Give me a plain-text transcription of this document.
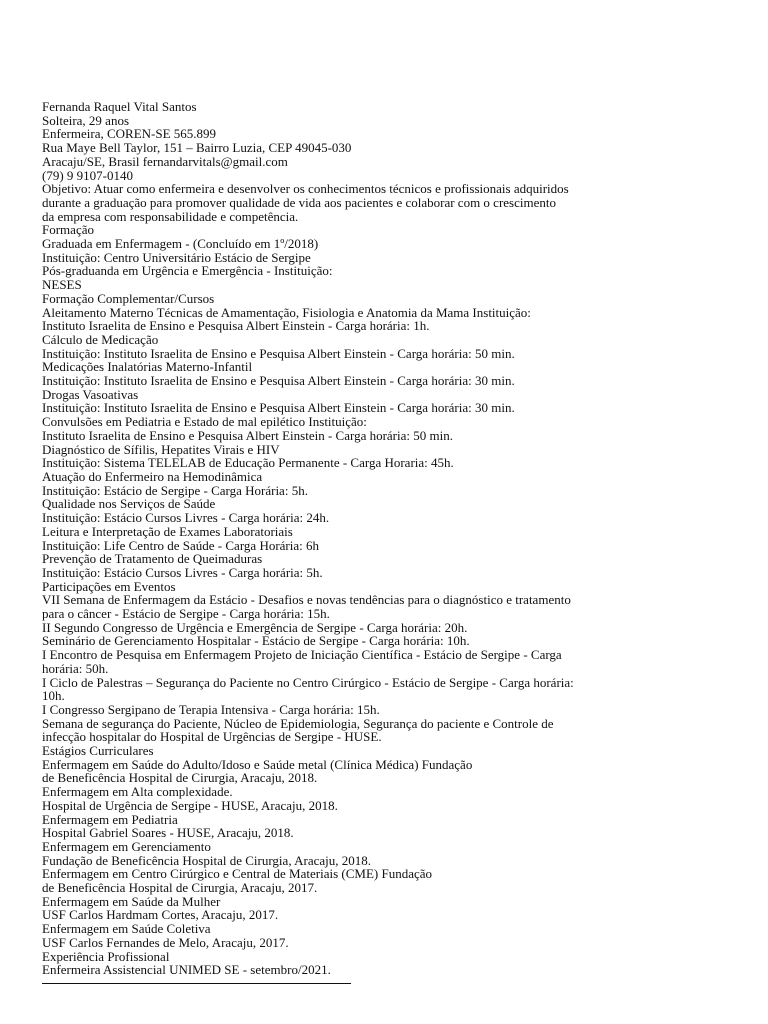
Fernanda Raquel Vital Santos
Solteira, 29 anos
Enfermeira, COREN-SE 565.899
Rua Maye Bell Taylor, 151 – Bairro Luzia, CEP 49045-030
Aracaju/SE, Brasil fernandarvitals@gmail.com
(79) 9 9107-0140
Objetivo: Atuar como enfermeira e desenvolver os conhecimentos técnicos e profissionais adquiridos
durante a graduação para promover qualidade de vida aos pacientes e colaborar com o crescimento
da empresa com responsabilidade e competência.
Formação
Graduada em Enfermagem - (Concluído em 1º/2018)
Instituição: Centro Universitário Estácio de Sergipe
Pós-graduanda em Urgência e Emergência - Instituição:
NESES
Formação Complementar/Cursos
Aleitamento Materno Técnicas de Amamentação, Fisiologia e Anatomia da Mama Instituição:
Instituto Israelita de Ensino e Pesquisa Albert Einstein - Carga horária: 1h.
Cálculo de Medicação
Instituição: Instituto Israelita de Ensino e Pesquisa Albert Einstein - Carga horária: 50 min.
Medicações Inalatórias Materno-Infantil
Instituição: Instituto Israelita de Ensino e Pesquisa Albert Einstein - Carga horária: 30 min.
Drogas Vasoativas
Instituição: Instituto Israelita de Ensino e Pesquisa Albert Einstein - Carga horária: 30 min.
Convulsões em Pediatria e Estado de mal epilético Instituição:
Instituto Israelita de Ensino e Pesquisa Albert Einstein - Carga horária: 50 min.
Diagnóstico de Sífilis, Hepatites Virais e HIV
Instituição: Sistema TELELAB de Educação Permanente - Carga Horaria: 45h.
Atuação do Enfermeiro na Hemodinâmica
Instituição: Estácio de Sergipe - Carga Horária: 5h.
Qualidade nos Serviços de Saúde
Instituição: Estácio Cursos Livres - Carga horária: 24h.
Leitura e Interpretação de Exames Laboratoriais
Instituição: Life Centro de Saúde - Carga Horária: 6h
Prevenção de Tratamento de Queimaduras
Instituição: Estácio Cursos Livres - Carga horária: 5h.
Participações em Eventos
VII Semana de Enfermagem da Estácio - Desafios e novas tendências para o diagnóstico e tratamento
para o câncer - Estácio de Sergipe - Carga horária: 15h.
II Segundo Congresso de Urgência e Emergência de Sergipe - Carga horária: 20h.
Seminário de Gerenciamento Hospitalar - Estácio de Sergipe - Carga horária: 10h.
I Encontro de Pesquisa em Enfermagem Projeto de Iniciação Científica - Estácio de Sergipe - Carga
horária: 50h.
I Ciclo de Palestras – Segurança do Paciente no Centro Cirúrgico - Estácio de Sergipe - Carga horária:
10h.
I Congresso Sergipano de Terapia Intensiva - Carga horária: 15h.
Semana de segurança do Paciente, Núcleo de Epidemiologia, Segurança do paciente e Controle de
infecção hospitalar do Hospital de Urgências de Sergipe - HUSE.
Estágios Curriculares
Enfermagem em Saúde do Adulto/Idoso e Saúde metal (Clínica Médica) Fundação
de Beneficência Hospital de Cirurgia, Aracaju, 2018.
Enfermagem em Alta complexidade.
Hospital de Urgência de Sergipe - HUSE, Aracaju, 2018.
Enfermagem em Pediatria
Hospital Gabriel Soares - HUSE, Aracaju, 2018.
Enfermagem em Gerenciamento
Fundação de Beneficência Hospital de Cirurgia, Aracaju, 2018.
Enfermagem em Centro Cirúrgico e Central de Materiais (CME) Fundação
de Beneficência Hospital de Cirurgia, Aracaju, 2017.
Enfermagem em Saúde da Mulher
USF Carlos Hardmam Cortes, Aracaju, 2017.
Enfermagem em Saúde Coletiva
USF Carlos Fernandes de Melo, Aracaju, 2017.
Experiência Profissional
Enfermeira Assistencial UNIMED SE - setembro/2021.
